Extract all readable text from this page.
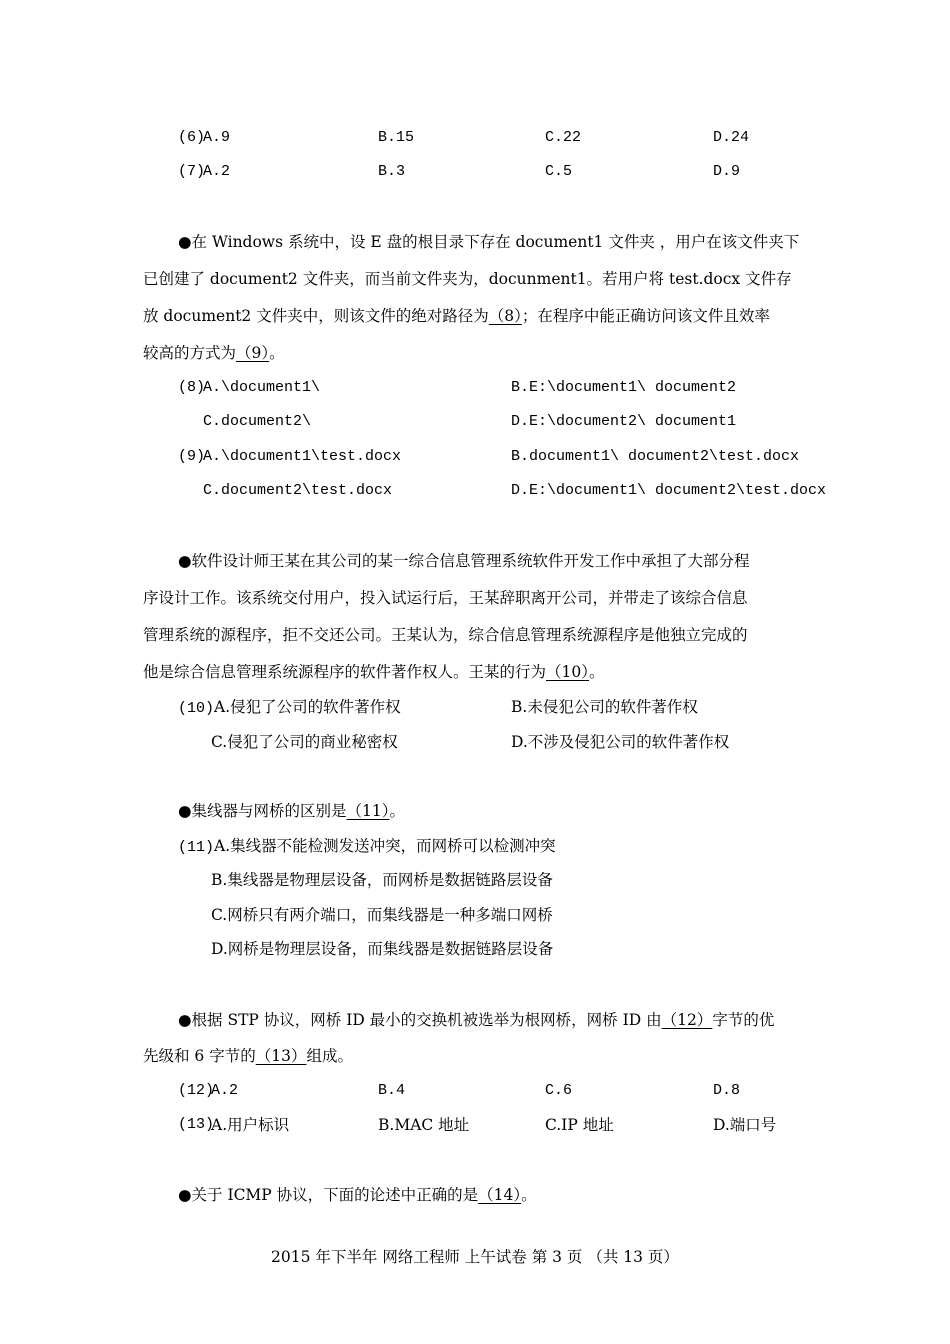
(6)
A.9	B.15	C.22	D.24
(7)
A.2	B.3	C.5	D.9
●在 Windows 系统中，设 E 盘的根目录下存在 document1 文件夹 ，用户在该文件夹下
已创建了 document2 文件夹，而当前文件夹为，docunment1。若用户将 test.docx 文件存
放 document2 文件夹中，则该文件的绝对路径为（8）；在程序中能正确访问该文件且效率
较高的方式为（9）。
(8)
A.\document1\	B.E:\document1\ document2
C.document2\	D.E:\document2\ document1
(9)
A.\document1\test.docx	B.document1\ document2\test.docx
C.document2\test.docx	D.E:\document1\ document2\test.docx
●软件设计师王某在其公司的某一综合信息管理系统软件开发工作中承担了大部分程
序设计工作。该系统交付用户，投入试运行后，王某辞职离开公司，并带走了该综合信息
管理系统的源程序，拒不交还公司。王某认为，综合信息管理系统源程序是他独立完成的
他是综合信息管理系统源程序的软件著作权人。王某的行为（10）。
(10)A.侵犯了公司的软件著作权	B.未侵犯公司的软件著作权
C.侵犯了公司的商业秘密权	D.不涉及侵犯公司的软件著作权
●集线器与网桥的区别是（11）。
(11)A.集线器不能检测发送冲突，而网桥可以检测冲突
B.集线器是物理层设备，而网桥是数据链路层设备
C.网桥只有两介端口，而集线器是一种多端口网桥
D.网桥是物理层设备，而集线器是数据链路层设备
●根据 STP 协议，网桥 ID 最小的交换机被选举为根网桥，网桥 ID 由（12）字节的优
先级和 6 字节的（13）组成。
(12)
A.2	B.4	C.6	D.8
(13)
A.用户标识	B.MAC 地址	C.IP 地址	D.端口号
●关于 ICMP 协议，下面的论述中正确的是（14）。
2015 年下半年 网络工程师 上午试卷 第 3 页 （共 13 页）
